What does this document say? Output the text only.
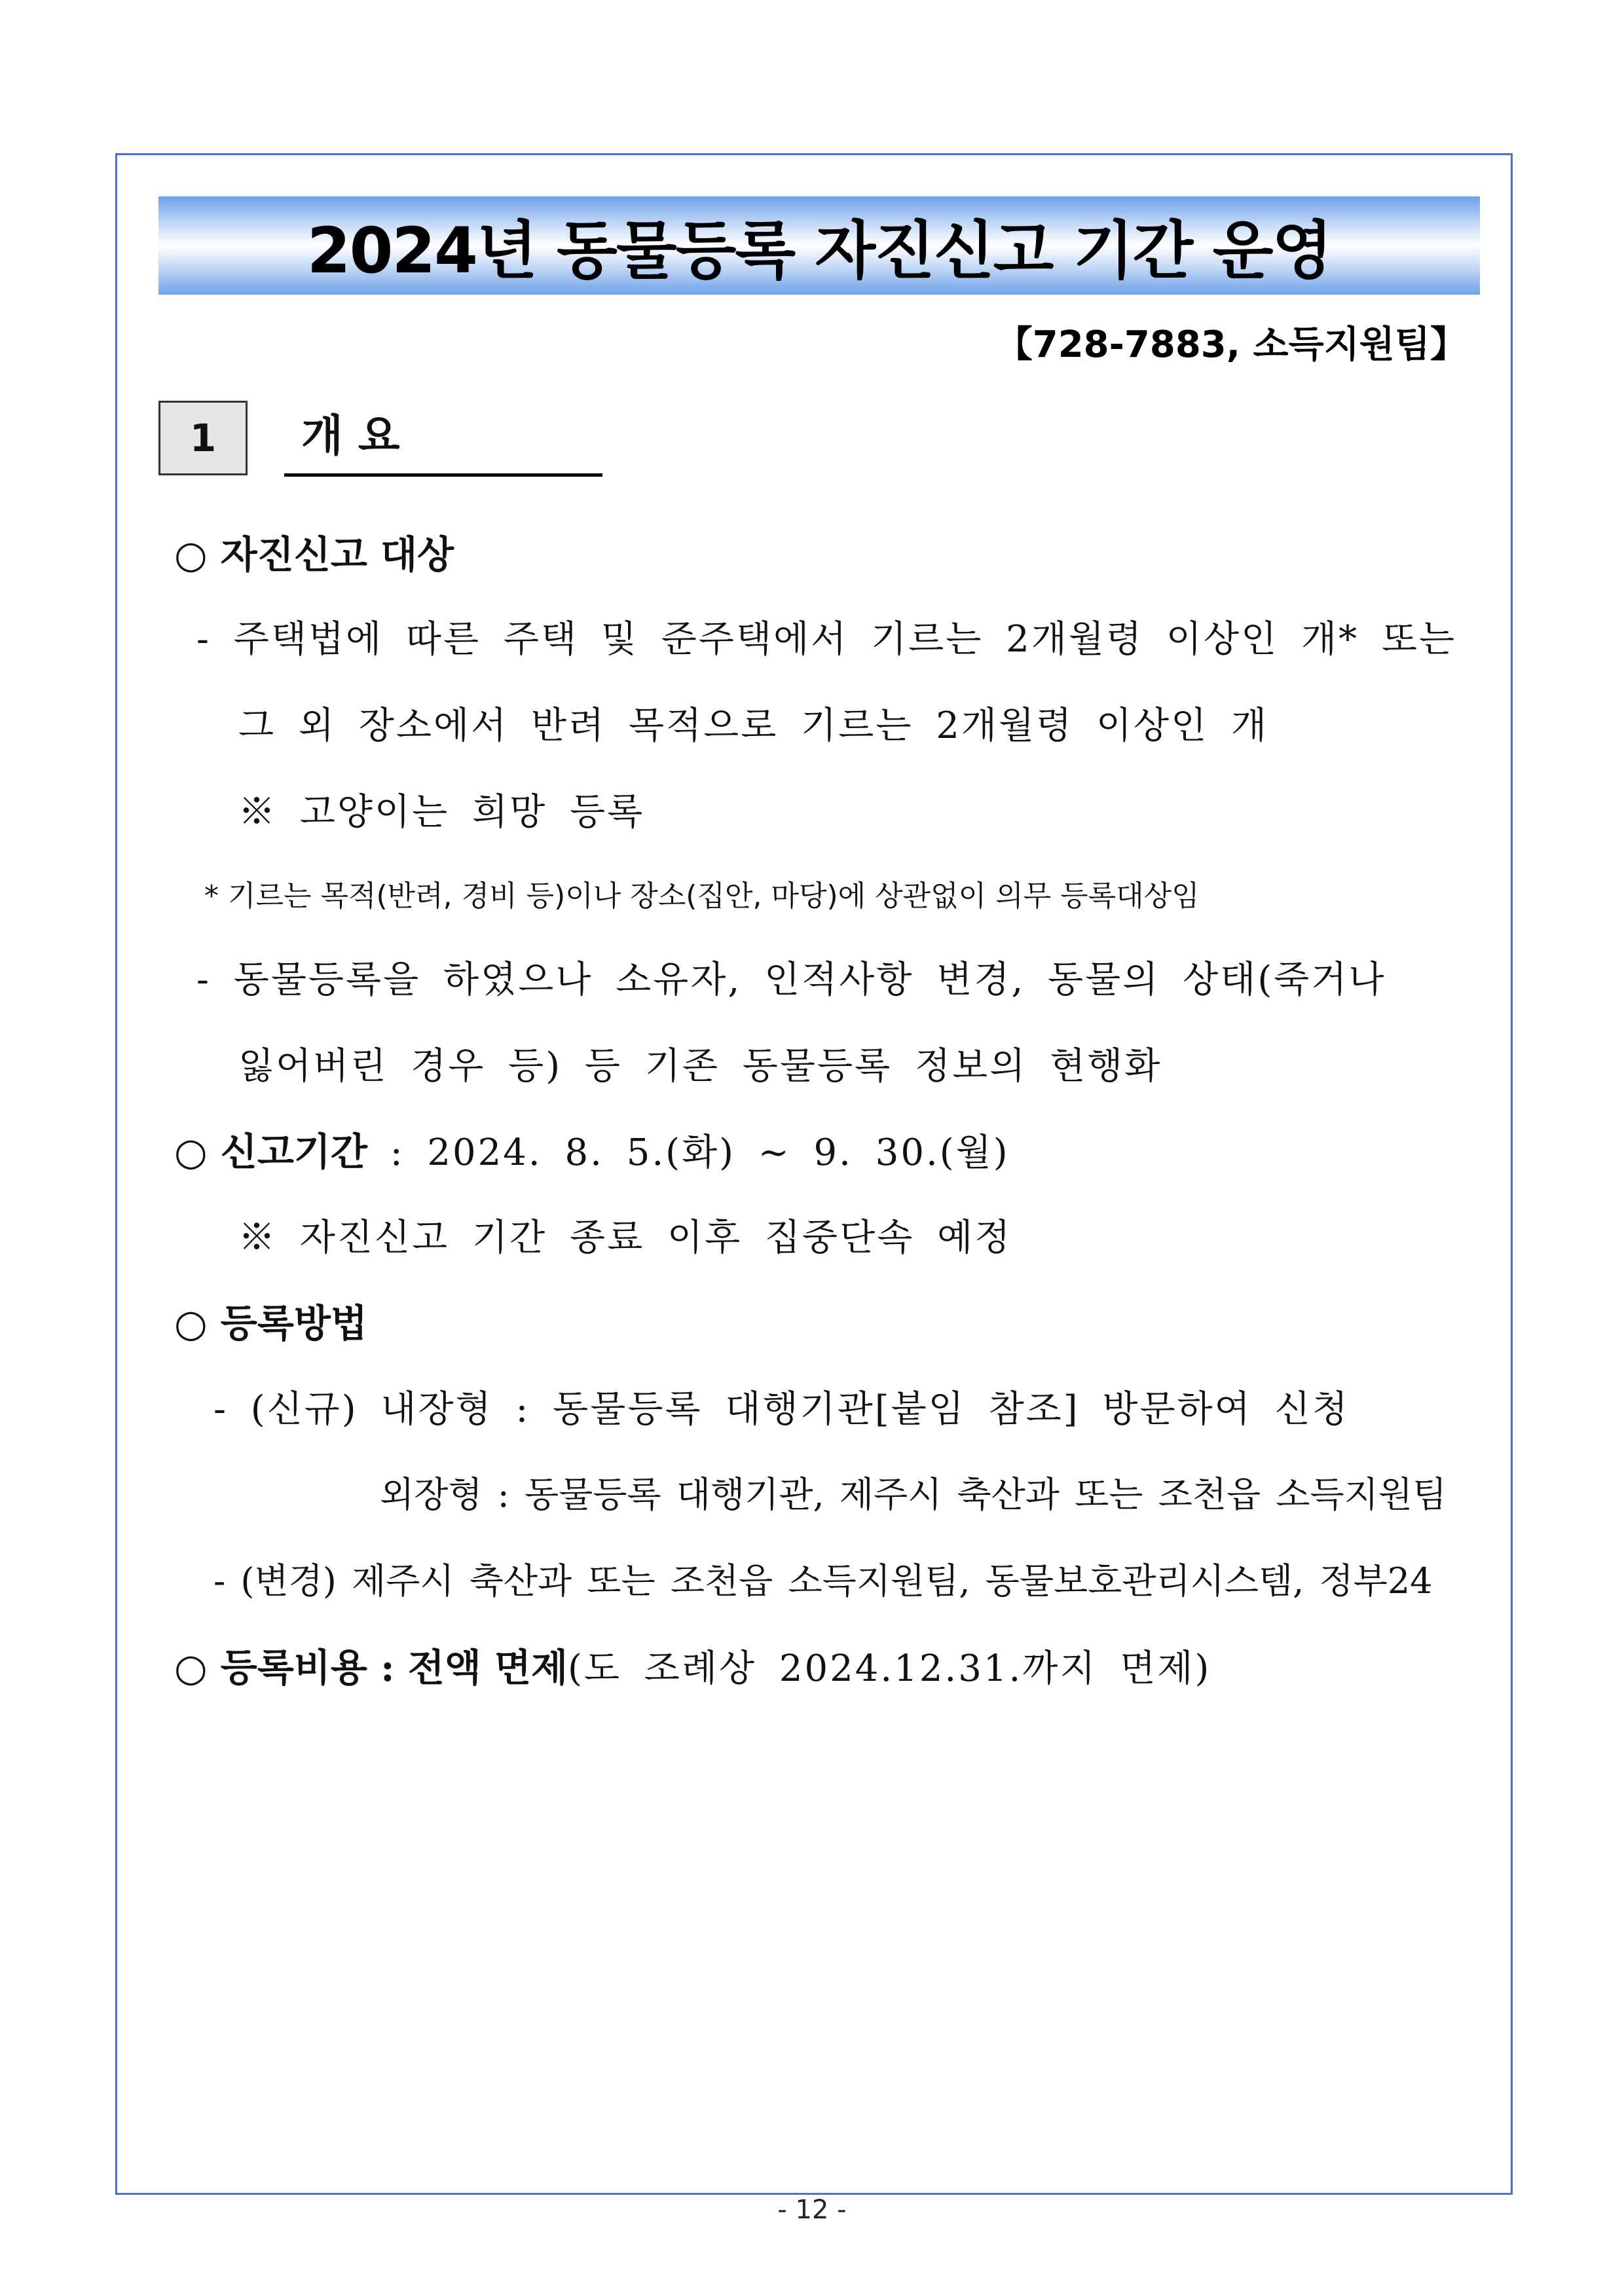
2024년 동물등록 자진신고 기간 운영
【728-7883, 소득지원팀】
1	개 요
○ 자진신고 대상
- 주택법에 따른 주택 및 준주택에서 기르는 2개월령 이상인 개* 또는
그 외 장소에서 반려 목적으로 기르는 2개월령 이상인 개
※ 고양이는 희망 등록
* 기르는 목적(반려, 경비 등)이나 장소(집안, 마당)에 상관없이 의무 등록대상임
- 동물등록을 하였으나 소유자, 인적사항 변경, 동물의 상태(죽거나
잃어버린 경우 등) 등 기존 동물등록 정보의 현행화
○ 신고기간 : 2024. 8. 5.(화) ~ 9. 30.(월)
※ 자진신고 기간 종료 이후 집중단속 예정
○ 등록방법
- (신규) 내장형 : 동물등록 대행기관[붙임 참조] 방문하여 신청
외장형 : 동물등록 대행기관, 제주시 축산과 또는 조천읍 소득지원팀
- (변경) 제주시 축산과 또는 조천읍 소득지원팀, 동물보호관리시스템, 정부24
○ 등록비용 : 전액 면제(도 조례상 2024.12.31.까지 면제)
- 12 -
